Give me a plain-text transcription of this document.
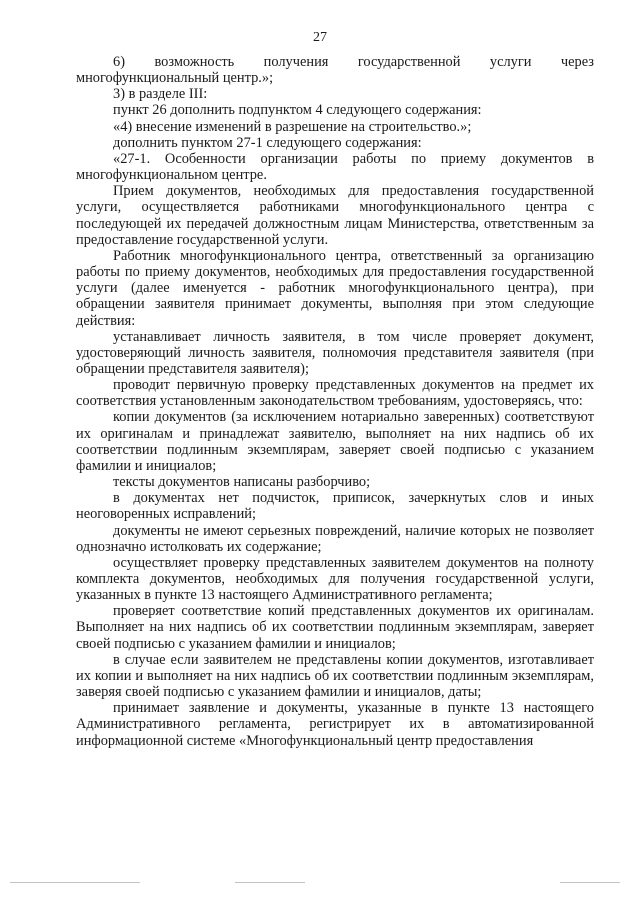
27

6) возможность получения государственной услуги через многофункциональный центр.»;

3) в разделе III:

пункт 26 дополнить подпунктом 4 следующего содержания:

«4) внесение изменений в разрешение на строительство.»;

дополнить пунктом 27-1 следующего содержания:

«27-1. Особенности организации работы по приему документов в многофункциональном центре.

Прием документов, необходимых для предоставления государственной услуги, осуществляется работниками многофункционального центра с последующей их передачей должностным лицам Министерства, ответственным за предоставление государственной услуги.

Работник многофункционального центра, ответственный за организацию работы по приему документов, необходимых для предоставления государственной услуги (далее именуется - работник многофункционального центра), при обращении заявителя принимает документы, выполняя при этом следующие действия:

устанавливает личность заявителя, в том числе проверяет документ, удостоверяющий личность заявителя, полномочия представителя заявителя (при обращении представителя заявителя);

проводит первичную проверку представленных документов на предмет их соответствия установленным законодательством требованиям, удостоверяясь, что:

копии документов (за исключением нотариально заверенных) соответствуют их оригиналам и принадлежат заявителю, выполняет на них надпись об их соответствии подлинным экземплярам, заверяет своей подписью с указанием фамилии и инициалов;

тексты документов написаны разборчиво;

в документах нет подчисток, приписок, зачеркнутых слов и иных неоговоренных исправлений;

документы не имеют серьезных повреждений, наличие которых не позволяет однозначно истолковать их содержание;

осуществляет проверку представленных заявителем документов на полноту комплекта документов, необходимых для получения государственной услуги, указанных в пункте 13 настоящего Административного регламента;

проверяет соответствие копий представленных документов их оригиналам. Выполняет на них надпись об их соответствии подлинным экземплярам, заверяет своей подписью с указанием фамилии и инициалов;

в случае если заявителем не представлены копии документов, изготавливает их копии и выполняет на них надпись об их соответствии подлинным экземплярам, заверяя своей подписью с указанием фамилии и инициалов, даты;

принимает заявление и документы, указанные в пункте 13 настоящего Административного регламента, регистрирует их в автоматизированной информационной системе «Многофункциональный центр предоставления
